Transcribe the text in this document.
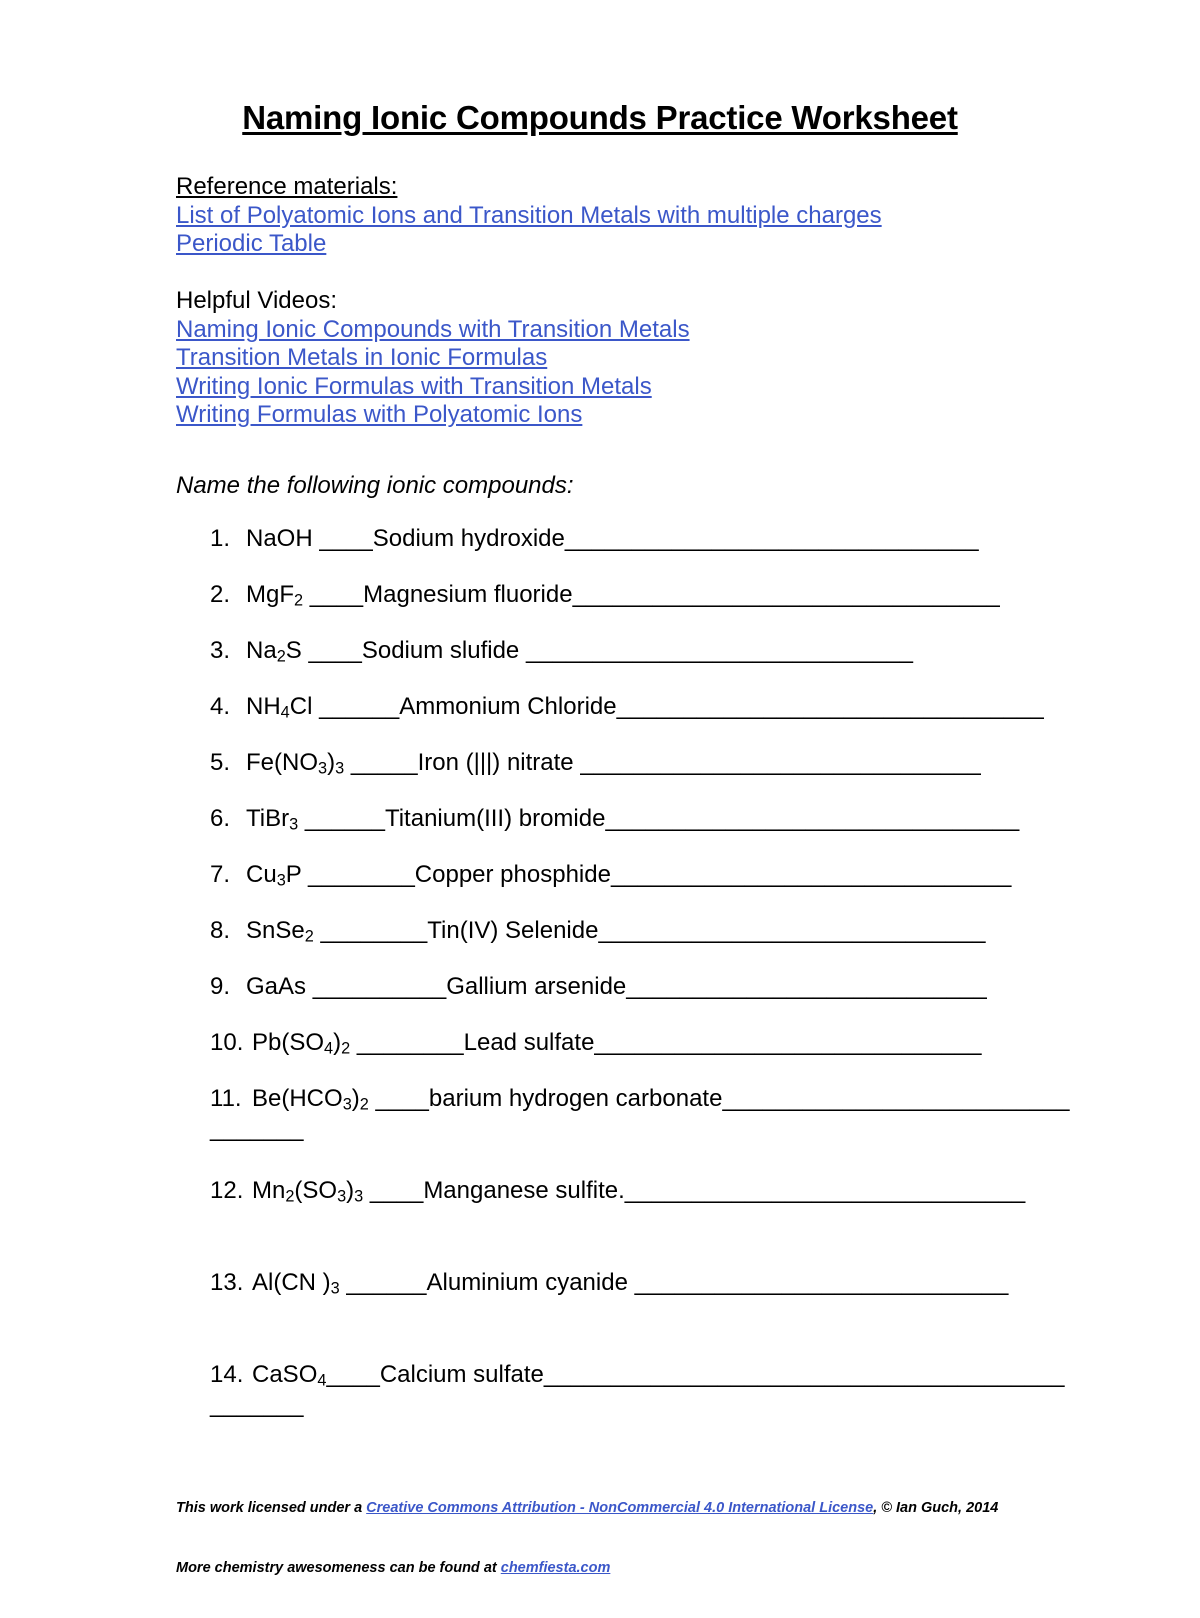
Naming Ionic Compounds Practice Worksheet
Reference materials:
List of Polyatomic Ions and Transition Metals with multiple charges
Periodic Table
Helpful Videos:
Naming Ionic Compounds with Transition Metals
Transition Metals in Ionic Formulas
Writing Ionic Formulas with Transition Metals
Writing Formulas with Polyatomic Ions
Name the following ionic compounds:
1. NaOH ____Sodium hydroxide_______________________________
2. MgF$_2$ ____Magnesium fluoride________________________________
3. $Na_2S$ ____Sodium slufide _____________________________
4. $NH_4Cl$ ______Ammonium Chloride________________________________
5. $Fe(NO_3)_3$ _____Iron (|||) nitrate ______________________________
6. TiBr$_3$ ______Titanium(III) bromide_______________________________
7. $Cu_3P$ ________Copper phosphide______________________________
8. SnSe$_2$ ________Tin(IV) Selenide_____________________________
9. GaAs __________Gallium arsenide___________________________
10. $Pb(SO_4)_2$ ________Lead sulfate_____________________________
11. $Be(HCO_3)_2$ ____barium hydrogen carbonate_________________________________
12. $Mn_2(SO_3)_3$ ____Manganese sulfite.______________________________
13. Al(CN )$_3$ ______Aluminium cyanide ____________________________
14. CaSO$_4$____Calcium sulfate______________________________________________

This work licensed under a Creative Commons Attribution - NonCommercial 4.0 International License, © Ian Guch, 2014

More chemistry awesomeness can be found at chemfiesta.com
